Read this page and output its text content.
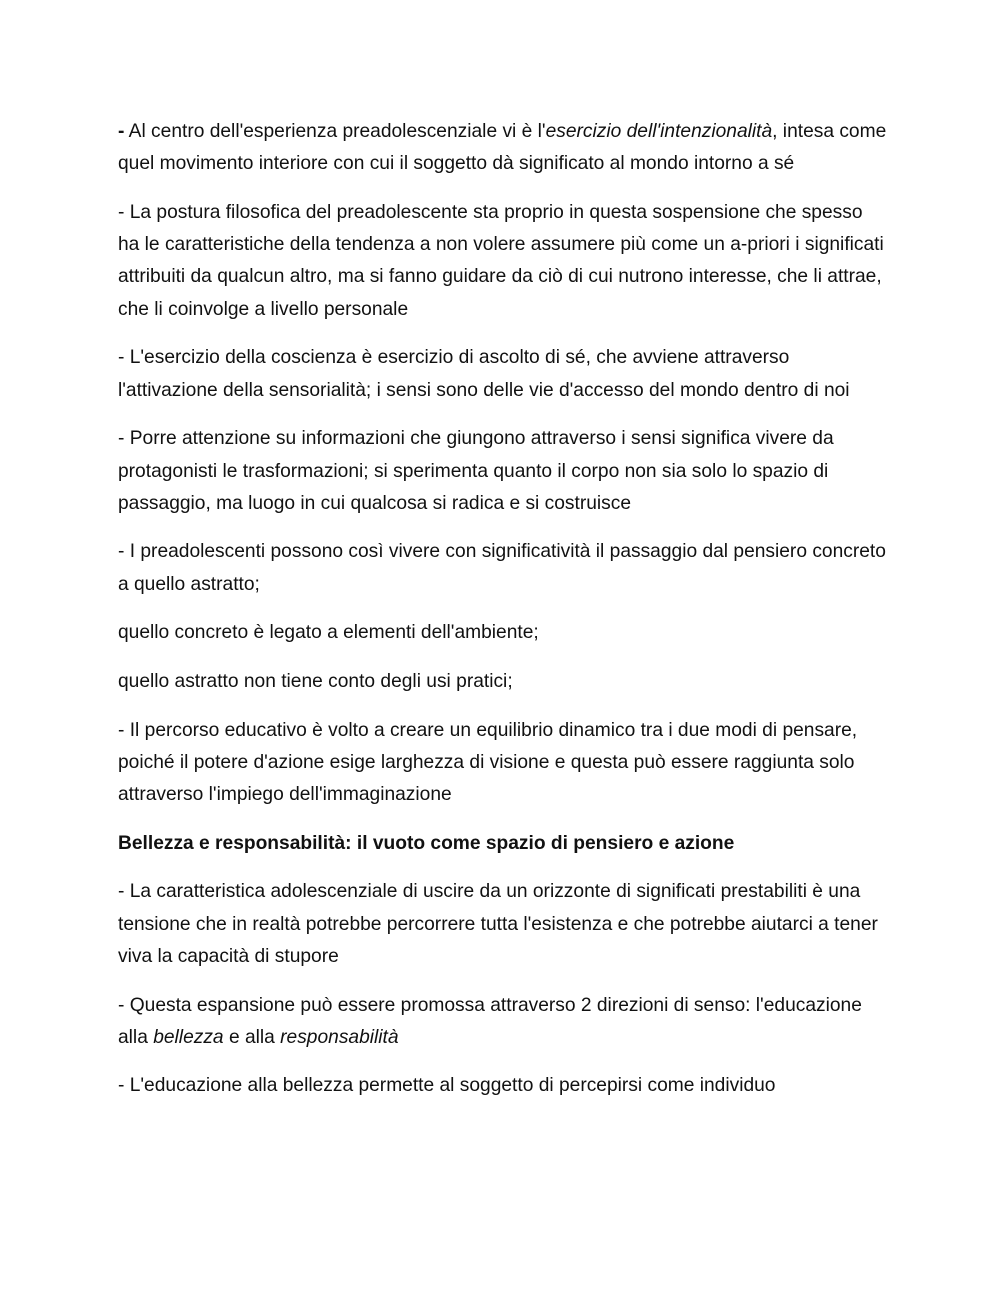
- Al centro dell'esperienza preadolescenziale vi è l'esercizio dell'intenzionalità, intesa come quel movimento interiore con cui il soggetto dà significato al mondo intorno a sé

- La postura filosofica del preadolescente sta proprio in questa sospensione che spesso ha le caratteristiche della tendenza a non volere assumere più come un a-priori i significati attribuiti da qualcun altro, ma si fanno guidare da ciò di cui nutrono interesse, che li attrae, che li coinvolge a livello personale

- L'esercizio della coscienza è esercizio di ascolto di sé, che avviene attraverso l'attivazione della sensorialità; i sensi sono delle vie d'accesso del mondo dentro di noi

- Porre attenzione su informazioni che giungono attraverso i sensi significa vivere da protagonisti le trasformazioni; si sperimenta quanto il corpo non sia solo lo spazio di passaggio, ma luogo in cui qualcosa si radica e si costruisce

- I preadolescenti possono così vivere con significatività il passaggio dal pensiero concreto a quello astratto;

quello concreto è legato a elementi dell'ambiente;

quello astratto non tiene conto degli usi pratici;

- Il percorso educativo è volto a creare un equilibrio dinamico tra i due modi di pensare, poiché il potere d'azione esige larghezza di visione e questa può essere raggiunta solo attraverso l'impiego dell'immaginazione

Bellezza e responsabilità: il vuoto come spazio di pensiero e azione

- La caratteristica adolescenziale di uscire da un orizzonte di significati prestabiliti è una tensione che in realtà potrebbe percorrere tutta l'esistenza e che potrebbe aiutarci a tener viva la capacità di stupore

- Questa espansione può essere promossa attraverso 2 direzioni di senso: l'educazione alla bellezza e alla responsabilità

- L'educazione alla bellezza permette al soggetto di percepirsi come individuo
